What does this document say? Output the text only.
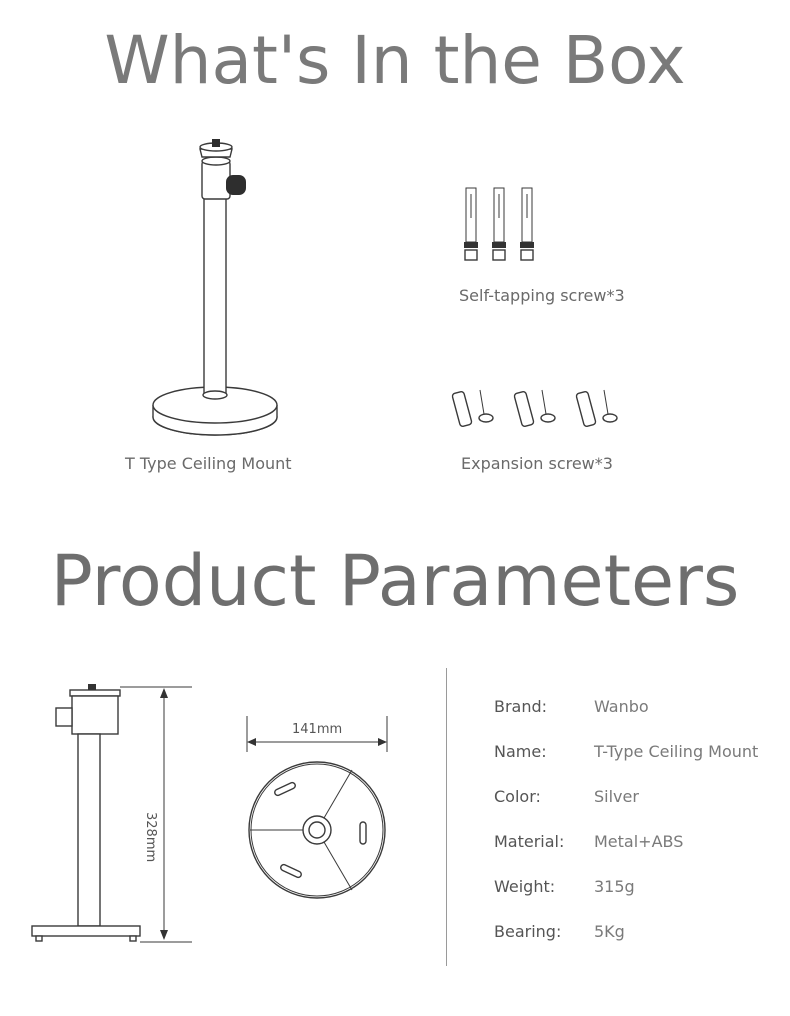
What's In the Box
T Type Ceiling Mount
Self-tapping screw*3
Expansion screw*3
Product Parameters
328mm
141mm
Brand:	Wanbo
Name:	T-Type Ceiling Mount
Color:	Silver
Material: Metal+ABS
Weight: 315g
Bearing: 5Kg
